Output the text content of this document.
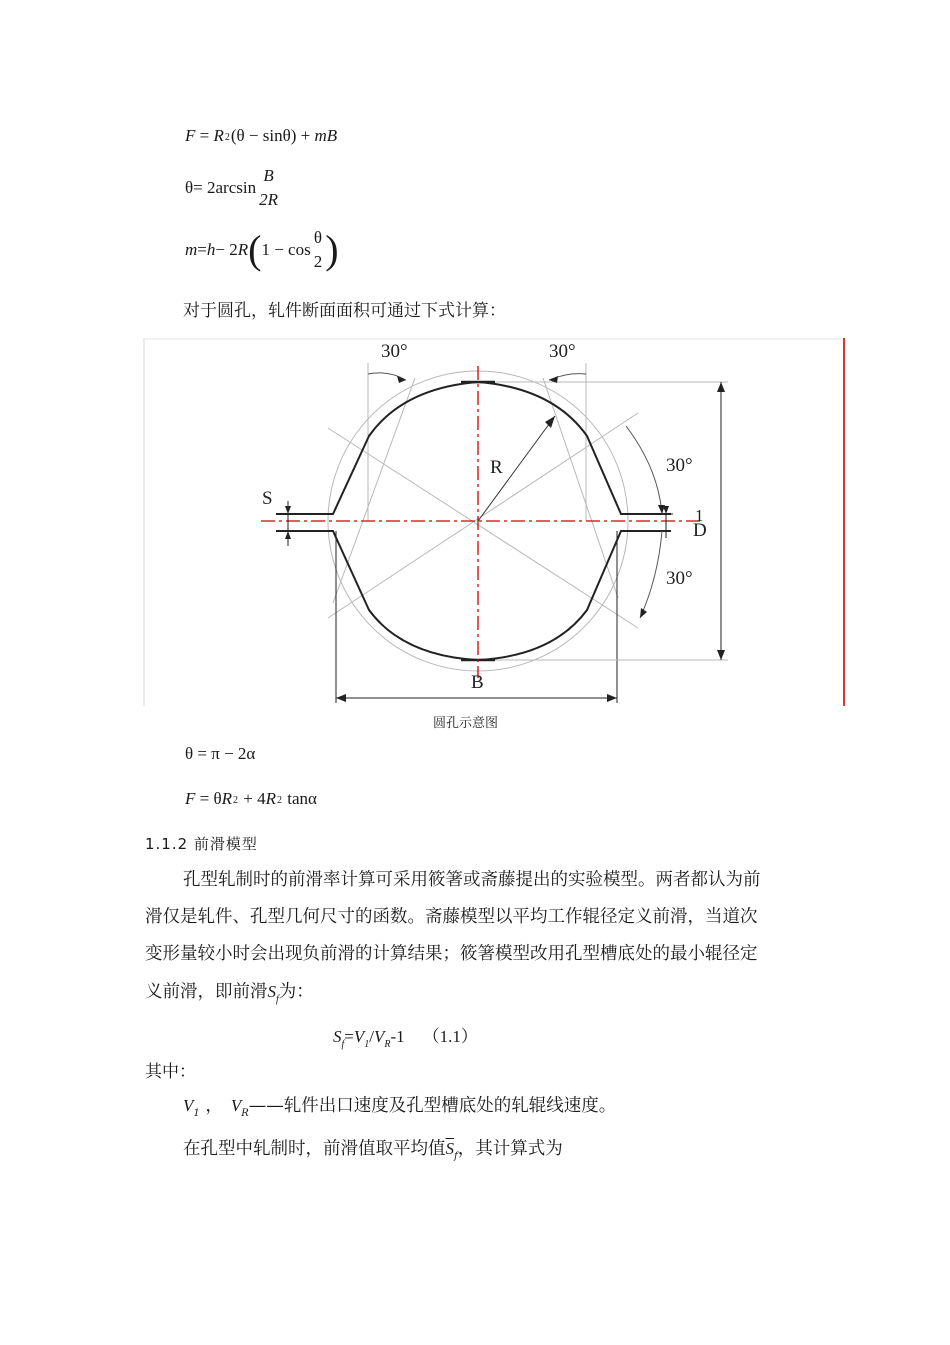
F = R2(θ − sinθ) + mB
θ = 2arcsin
B
2R
m = h − 2 R ( 1 − cos
θ
2 )
对于圆孔，轧件断面面积可通过下式计算：
30°	30°
30°
30°
R
S
B
1
D
圆孔示意图
θ = π − 2α
F = θR2 + 4R2 tanα
1.1.2 前滑模型
孔型轧制时的前滑率计算可采用筱箸或斋藤提出的实验模型。两者都认为前
滑仅是轧件、孔型几何尺寸的函数。斋藤模型以平均工作辊径定义前滑，当道次
变形量较小时会出现负前滑的计算结果；筱箸模型改用孔型槽底处的最小辊径定
义前滑，即前滑$S_f$为：
$S_f=V_1/V_R-1$ （1.1）
其中：
$V_1$ ， $V_R——$轧件出口速度及孔型槽底处的轧辊线速度。
在孔型中轧制时，前滑值取平均值$\overline{S}_f$，其计算式为
